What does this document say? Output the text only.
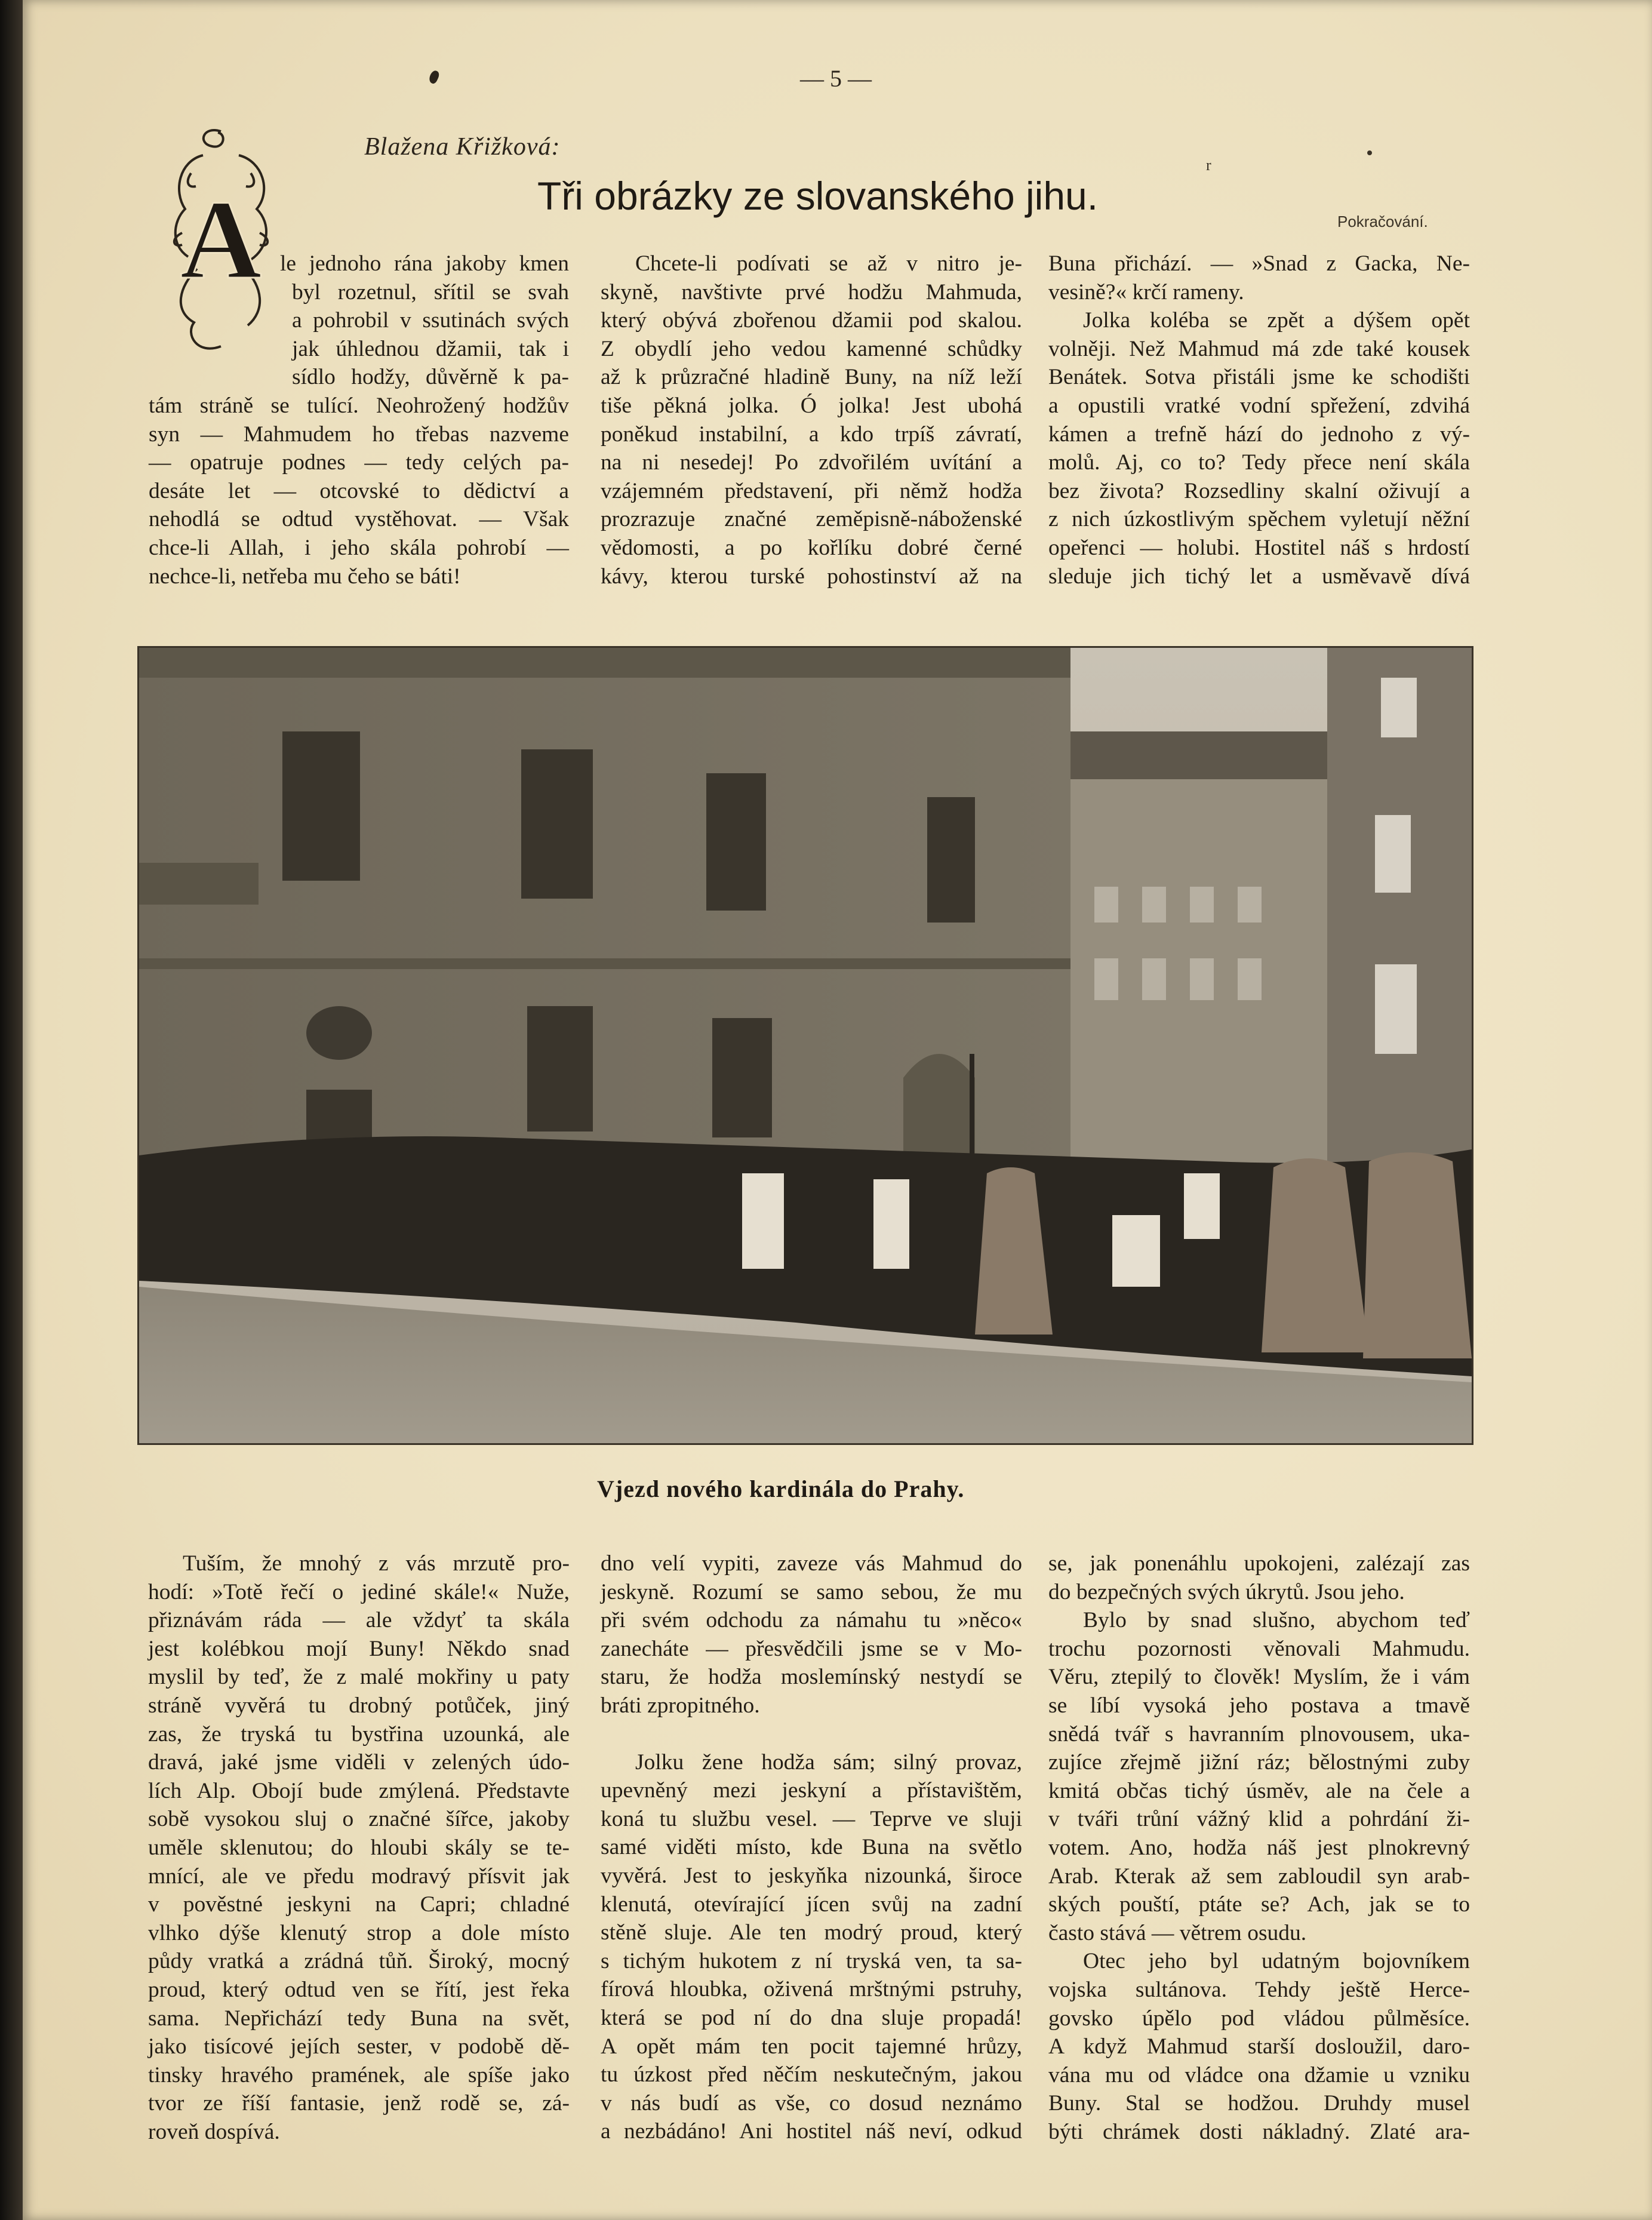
— 5 —
Blažena Křižková:
Tři obrázky ze slovanského jihu.
Pokračování.
r
A le jednoho rána jakoby kmen
byl rozetnul, sřítil se svah
a pohrobil v ssutinách svých
jak úhlednou džamii, tak i
sídlo hodžy, důvěrně k pa-
tám stráně se tulící. Neohrožený hodžův
syn — Mahmudem ho třebas nazveme
— opatruje podnes — tedy celých pa-
desáte let — otcovské to dědictví a
nehodlá se odtud vystěhovat. — Však
chce-li Allah, i jeho skála pohrobí —
nechce-li, netřeba mu čeho se báti!
Chcete-li podívati se až v nitro je-
skyně, navštivte prvé hodžu Mahmuda,
který obývá zbořenou džamii pod skalou.
Z obydlí jeho vedou kamenné schůdky
až k průzračné hladině Buny, na níž leží
tiše pěkná jolka. Ó jolka! Jest ubohá
poněkud instabilní, a kdo trpíš závratí,
na ni nesedej! Po zdvořilém uvítání a
vzájemném představení, při němž hodža
prozrazuje značné zeměpisně-náboženské
vědomosti, a po kořlíku dobré černé
kávy, kterou turské pohostinství až na
Buna přichází. — »Snad z Gacka, Ne-
vesině?« krčí rameny.
Jolka koléba se zpět a dýšem opět
volněji. Než Mahmud má zde také kousek
Benátek. Sotva přistáli jsme ke schodišti
a opustili vratké vodní spřežení, zdvihá
kámen a trefně hází do jednoho z vý-
molů. Aj, co to? Tedy přece není skála
bez života? Rozsedliny skalní oživují a
z nich úzkostlivým spěchem vyletují něžní
opeřenci — holubi. Hostitel náš s hrdostí
sleduje jich tichý let a usměvavě dívá
Vjezd nového kardinála do Prahy.
Tuším, že mnohý z vás mrzutě pro-
hodí: »Totě řečí o jediné skále!« Nuže,
přiznávám ráda — ale vždyť ta skála
jest kolébkou mojí Buny! Někdo snad
myslil by teď, že z malé mokřiny u paty
stráně vyvěrá tu drobný potůček, jiný
zas, že tryská tu bystřina uzounká, ale
dravá, jaké jsme viděli v zelených údo-
lích Alp. Obojí bude zmýlená. Představte
sobě vysokou sluj o značné šířce, jakoby
uměle sklenutou; do hloubi skály se te-
mnící, ale ve předu modravý přísvit jak
v pověstné jeskyni na Capri; chladné
vlhko dýše klenutý strop a dole místo
půdy vratká a zrádná tůň. Široký, mocný
proud, který odtud ven se řítí, jest řeka
sama. Nepřichází tedy Buna na svět,
jako tisícové jejích sester, v podobě dě-
tinsky hravého pramének, ale spíše jako
tvor ze říší fantasie, jenž rodě se, zá-
roveň dospívá.
dno velí vypiti, zaveze vás Mahmud do
jeskyně. Rozumí se samo sebou, že mu
při svém odchodu za námahu tu »něco«
zanecháte — přesvědčili jsme se v Mo-
staru, že hodža moslemínský nestydí se
bráti zpropitného.
Jolku žene hodža sám; silný provaz,
upevněný mezi jeskyní a přístavištěm,
koná tu službu vesel. — Teprve ve sluji
samé viděti místo, kde Buna na světlo
vyvěrá. Jest to jeskyňka nizounká, široce
klenutá, otevírající jícen svůj na zadní
stěně sluje. Ale ten modrý proud, který
s tichým hukotem z ní tryská ven, ta sa-
fírová hloubka, oživená mrštnými pstruhy,
která se pod ní do dna sluje propadá!
A opět mám ten pocit tajemné hrůzy,
tu úzkost před něčím neskutečným, jakou
v nás budí as vše, co dosud neznámo
a nezbádáno! Ani hostitel náš neví, odkud
se, jak ponenáhlu upokojeni, zalézají zas
do bezpečných svých úkrytů. Jsou jeho.
Bylo by snad slušno, abychom teď
trochu pozornosti věnovali Mahmudu.
Věru, ztepilý to člověk! Myslím, že i vám
se líbí vysoká jeho postava a tmavě
snědá tvář s havranním plnovousem, uka-
zujíce zřejmě jižní ráz; bělostnými zuby
kmitá občas tichý úsměv, ale na čele a
v tváři trůní vážný klid a pohrdání ži-
votem. Ano, hodža náš jest plnokrevný
Arab. Kterak až sem zabloudil syn arab-
ských pouští, ptáte se? Ach, jak se to
často stává — větrem osudu.
Otec jeho byl udatným bojovníkem
vojska sultánova. Tehdy ještě Herce-
govsko úpělo pod vládou půlměsíce.
A když Mahmud starší dosloužil, daro-
vána mu od vládce ona džamie u vzniku
Buny. Stal se hodžou. Druhdy musel
býti chrámek dosti nákladný. Zlaté ara-
